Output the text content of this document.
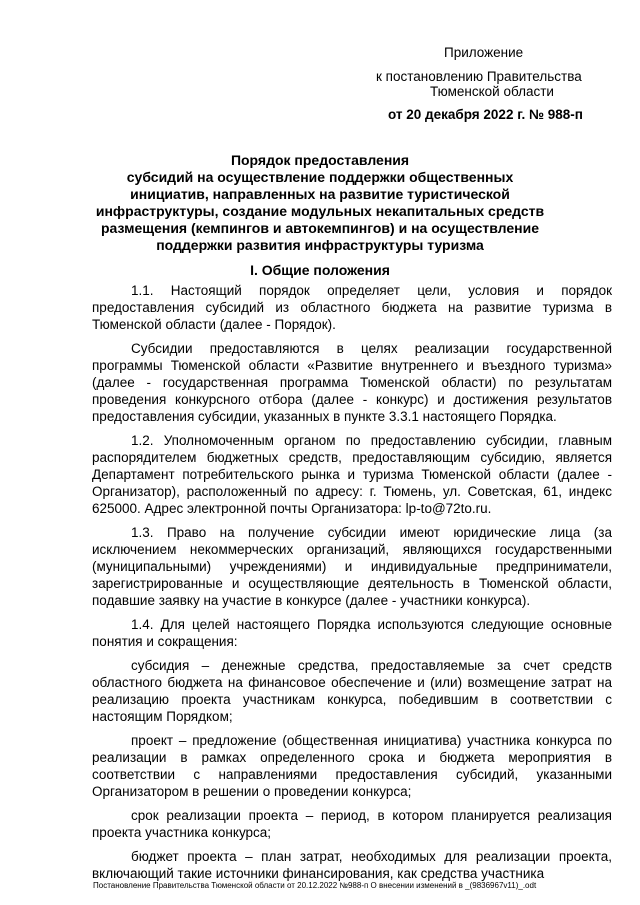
Приложение
к постановлению Правительства
Тюменской области
от 20 декабря 2022 г. № 988-п
Порядок предоставления
субсидий на осуществление поддержки общественных инициатив, направленных на развитие туристической инфраструктуры, создание модульных некапитальных средств размещения (кемпингов и автокемпингов) и на осуществление поддержки развития инфраструктуры туризма
I. Общие положения

1.1. Настоящий порядок определяет цели, условия и порядок предоставления субсидий из областного бюджета на развитие туризма в Тюменской области (далее - Порядок).

Субсидии предоставляются в целях реализации государственной программы Тюменской области «Развитие внутреннего и въездного туризма» (далее - государственная программа Тюменской области) по результатам проведения конкурсного отбора (далее - конкурс) и достижения результатов предоставления субсидии, указанных в пункте 3.3.1 настоящего Порядка.

1.2. Уполномоченным органом по предоставлению субсидии, главным распорядителем бюджетных средств, предоставляющим субсидию, является Департамент потребительского рынка и туризма Тюменской области (далее - Организатор), расположенный по адресу: г. Тюмень, ул. Советская, 61, индекс 625000. Адрес электронной почты Организатора: lp-to@72to.ru.

1.3. Право на получение субсидии имеют юридические лица (за исключением некоммерческих организаций, являющихся государственными (муниципальными) учреждениями) и индивидуальные предприниматели, зарегистрированные и осуществляющие деятельность в Тюменской области, подавшие заявку на участие в конкурсе (далее - участники конкурса).

1.4. Для целей настоящего Порядка используются следующие основные понятия и сокращения:

субсидия – денежные средства, предоставляемые за счет средств областного бюджета на финансовое обеспечение и (или) возмещение затрат на реализацию проекта участникам конкурса, победившим в соответствии с настоящим Порядком;

проект – предложение (общественная инициатива) участника конкурса по реализации в рамках определенного срока и бюджета мероприятия в соответствии с направлениями предоставления субсидий, указанными Организатором в решении о проведении конкурса;

срок реализации проекта – период, в котором планируется реализация проекта участника конкурса;

бюджет проекта – план затрат, необходимых для реализации проекта, включающий такие источники финансирования, как средства участника

Постановление Правительства Тюменской области от 20.12.2022 №988-п О внесении изменений в _(9836967v11)_.odt
